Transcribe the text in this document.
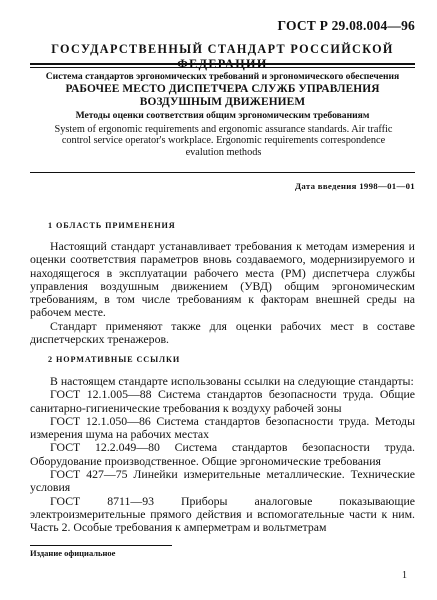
ГОСТ Р 29.08.004—96
ГОСУДАРСТВЕННЫЙ СТАНДАРТ РОССИЙСКОЙ ФЕДЕРАЦИИ
Система стандартов эргономических требований и эргономического обеспечения
РАБОЧЕЕ МЕСТО ДИСПЕТЧЕРА СЛУЖБ УПРАВЛЕНИЯ
ВОЗДУШНЫМ ДВИЖЕНИЕМ
Методы оценки соответствия общим эргономическим требованиям
System of ergonomic requirements and ergonomic assurance standards. Air traffic
control service operator's workplace. Ergonomic requirements correspondence
evalution methods
Дата введения 1998—01—01
1 ОБЛАСТЬ ПРИМЕНЕНИЯ

Настоящий стандарт устанавливает требования к методам измерения и оценки соответствия параметров вновь создаваемого, модернизируемого и находящегося в эксплуатации рабочего места (РМ) диспетчера службы управления воздушным движением (УВД) общим эргономическим требованиям, в том числе требованиям к факторам внешней среды на рабочем месте.

Стандарт применяют также для оценки рабочих мест в составе диспетчерских тренажеров.

2 НОРМАТИВНЫЕ ССЫЛКИ

В настоящем стандарте использованы ссылки на следующие стандарты:

ГОСТ 12.1.005—88 Система стандартов безопасности труда. Общие санитарно-гигиенические требования к воздуху рабочей зоны

ГОСТ 12.1.050—86 Система стандартов безопасности труда. Методы измерения шума на рабочих местах

ГОСТ 12.2.049—80 Система стандартов безопасности труда. Оборудование производственное. Общие эргономические требования

ГОСТ 427—75 Линейки измерительные металлические. Технические условия

ГОСТ 8711—93 Приборы аналоговые показывающие электроизмерительные прямого действия и вспомогательные части к ним. Часть 2. Особые требования к амперметрам и вольтметрам

Издание официальное
1
